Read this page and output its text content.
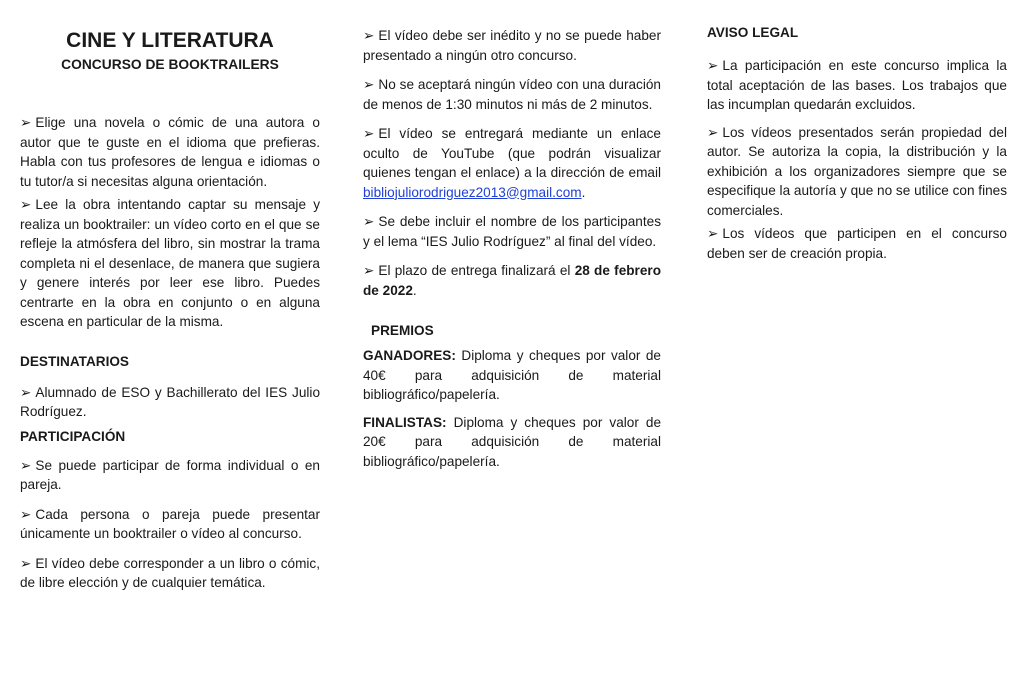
CINE Y LITERATURA
CONCURSO DE BOOKTRAILERS

➢ Elige una novela o cómic de una autora o autor que te guste en el idioma que prefieras. Habla con tus profesores de lengua e idiomas o tu tutor/a si necesitas alguna orientación.

➢ Lee la obra intentando captar su mensaje y realiza un booktrailer: un vídeo corto en el que se refleje la atmósfera del libro, sin mostrar la trama completa ni el desenlace, de manera que sugiera y genere interés por leer ese libro. Puedes centrarte en la obra en conjunto o en alguna escena en particular de la misma.

DESTINATARIOS

➢ Alumnado de ESO y Bachillerato del IES Julio Rodríguez.

PARTICIPACIÓN

➢ Se puede participar de forma individual o en pareja.

➢ Cada persona o pareja puede presentar únicamente un booktrailer o vídeo al concurso.

➢ El vídeo debe corresponder a un libro o cómic, de libre elección y de cualquier temática.

➢ El vídeo debe ser inédito y no se puede haber presentado a ningún otro concurso.

➢ No se aceptará ningún vídeo con una duración de menos de 1:30 minutos ni más de 2 minutos.

➢ El vídeo se entregará mediante un enlace oculto de YouTube (que podrán visualizar quienes tengan el enlace) a la dirección de email bibliojuliorodriguez2013@gmail.com.

➢ Se debe incluir el nombre de los participantes y el lema “IES Julio Rodríguez” al final del vídeo.

➢ El plazo de entrega finalizará el 28 de febrero de 2022.

PREMIOS

GANADORES: Diploma y cheques por valor de 40€ para adquisición de material bibliográfico/papelería.

FINALISTAS: Diploma y cheques por valor de 20€ para adquisición de material bibliográfico/papelería.

AVISO LEGAL

➢ La participación en este concurso implica la total aceptación de las bases. Los trabajos que las incumplan quedarán excluidos.

➢ Los vídeos presentados serán propiedad del autor. Se autoriza la copia, la distribución y la exhibición a los organizadores siempre que se especifique la autoría y que no se utilice con fines comerciales.

➢ Los vídeos que participen en el concurso deben ser de creación propia.
